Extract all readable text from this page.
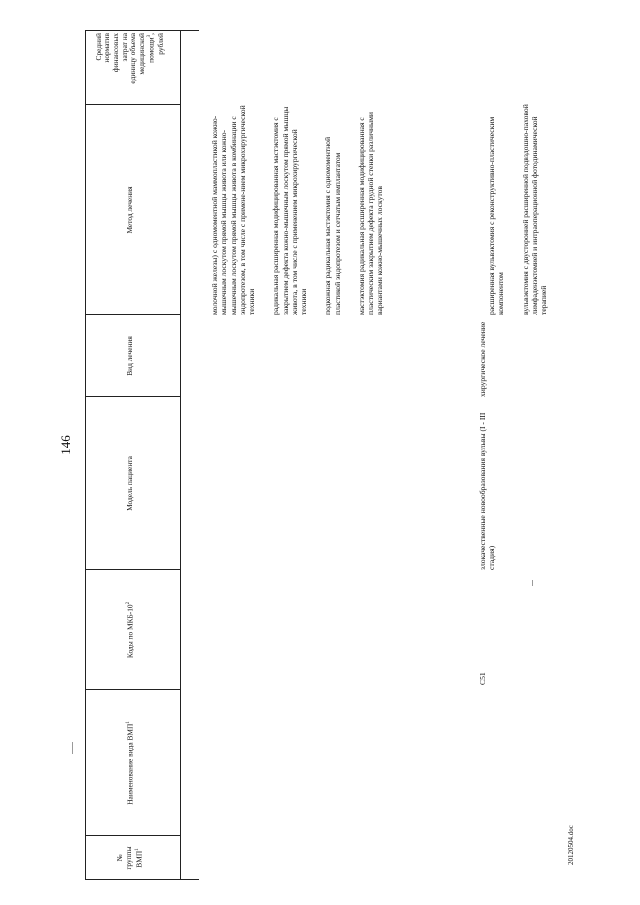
146
20120504.doc
№
группы
ВМП$^1$
Наименование вида ВМП$^1$
Коды по МКБ-$10^2$
Модель пациента
Вид лечения
Метод лечения
Средний
норматив
финансовых
затрат на
единицу объема
медицинской
помощи$^3$,
рублей

молочной железы) с одномоментной маммопластикой кожно-мышечным лоскутом прямой мышцы живота или кожно-мышечным лоскутом прямой мышцы живота в комбинации с эндопротезом, в том числе с примене-нием микрохирургической техники радикальная расширенная модифицированная мастэктомия с закрытием дефекта кожно-мышечным лоскутом прямой мышцы живота, в том числе с применением микрохирургической техники подкожная радикальная мастэктомия с одномоментной пластикой эндопротезом и сетчатым имплантатом мастэктомия радикальная расширенная модифицированная с пластическим закрытием дефекта грудной стенки различными вариантами кожно-мышечных лоскутов

C51
злокачественные новообразования вульвы (I - III стадия)
хирургическое лечение

расширенная вульвэктомия с реконструктивно-пластическим компонентом вульвэктомия с двусторонней расширенной подвздошно-паховой лимфаденэктомией и интраоперационной фотодинамической терапией
